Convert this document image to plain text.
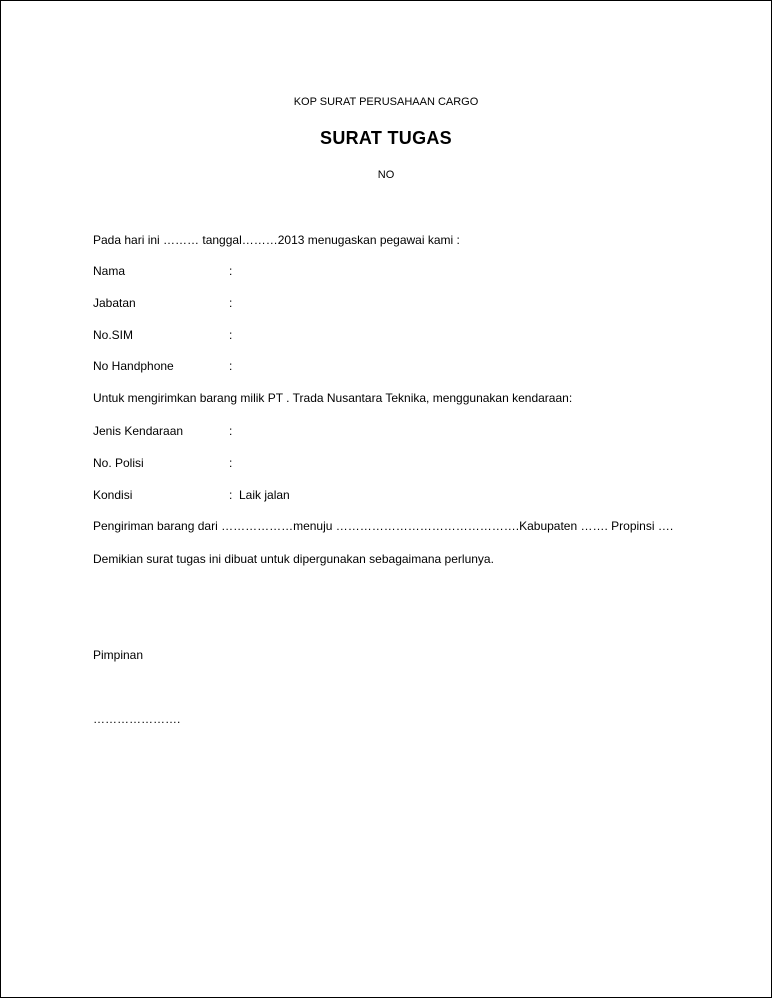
KOP SURAT PERUSAHAAN CARGO
SURAT TUGAS
NO
Pada hari ini ……… tanggal………2013 menugaskan pegawai kami :
Nama	:
Jabatan	:
No.SIM	:
No Handphone	:
Untuk mengirimkan barang milik PT . Trada Nusantara Teknika, menggunakan kendaraan:
Jenis Kendaraan	:
No. Polisi	:
Kondisi	: Laik jalan
Pengiriman barang dari ………………menuju ……………………………………….Kabupaten ……. Propinsi ….
Demikian surat tugas ini dibuat untuk dipergunakan sebagaimana perlunya.
Pimpinan
………………….
